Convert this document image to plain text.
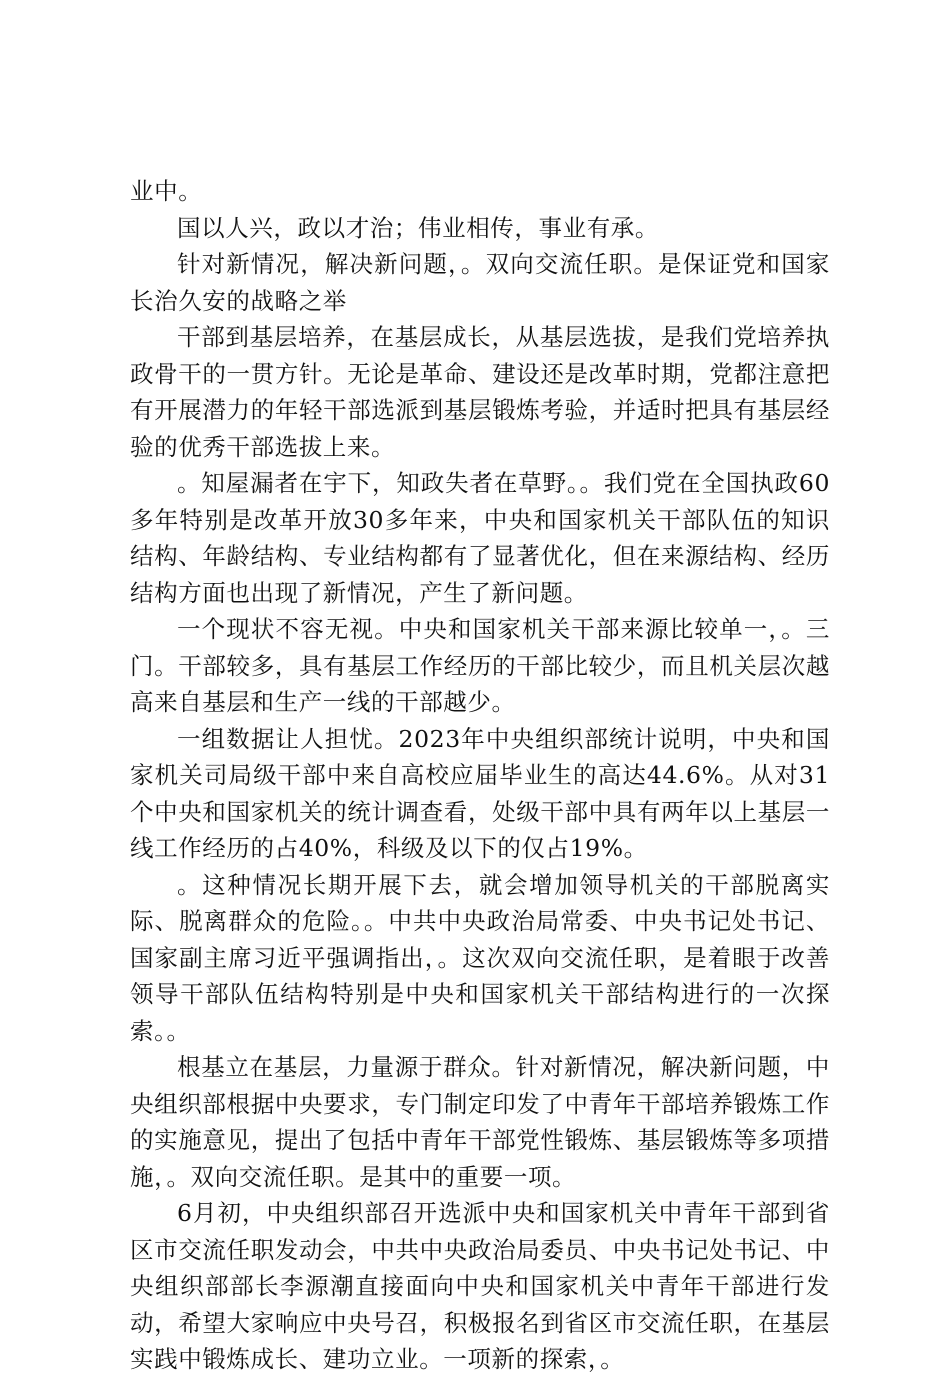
业中。

国以人兴，政以才治；伟业相传，事业有承。

针对新情况，解决新问题，。双向交流任职。是保证党和国家长治久安的战略之举

干部到基层培养，在基层成长，从基层选拔，是我们党培养执政骨干的一贯方针。无论是革命、建设还是改革时期，党都注意把有开展潜力的年轻干部选派到基层锻炼考验，并适时把具有基层经验的优秀干部选拔上来。

。知屋漏者在宇下，知政失者在草野。。我们党在全国执政60多年特别是改革开放30多年来，中央和国家机关干部队伍的知识结构、年龄结构、专业结构都有了显著优化，但在来源结构、经历结构方面也出现了新情况，产生了新问题。

一个现状不容无视。中央和国家机关干部来源比较单一，。三门。干部较多，具有基层工作经历的干部比较少，而且机关层次越高来自基层和生产一线的干部越少。

一组数据让人担忧。2023年中央组织部统计说明，中央和国家机关司局级干部中来自高校应届毕业生的高达44.6%。从对31个中央和国家机关的统计调查看，处级干部中具有两年以上基层一线工作经历的占40%，科级及以下的仅占19%。

。这种情况长期开展下去，就会增加领导机关的干部脱离实际、脱离群众的危险。。中共中央政治局常委、中央书记处书记、国家副主席习近平强调指出，。这次双向交流任职，是着眼于改善领导干部队伍结构特别是中央和国家机关干部结构进行的一次探索。。

根基立在基层，力量源于群众。针对新情况，解决新问题，中央组织部根据中央要求，专门制定印发了中青年干部培养锻炼工作的实施意见，提出了包括中青年干部党性锻炼、基层锻炼等多项措施，。双向交流任职。是其中的重要一项。

6月初，中央组织部召开选派中央和国家机关中青年干部到省区市交流任职发动会，中共中央政治局委员、中央书记处书记、中央组织部部长李源潮直接面向中央和国家机关中青年干部进行发动，希望大家响应中央号召，积极报名到省区市交流任职，在基层实践中锻炼成长、建功立业。一项新的探索，。
